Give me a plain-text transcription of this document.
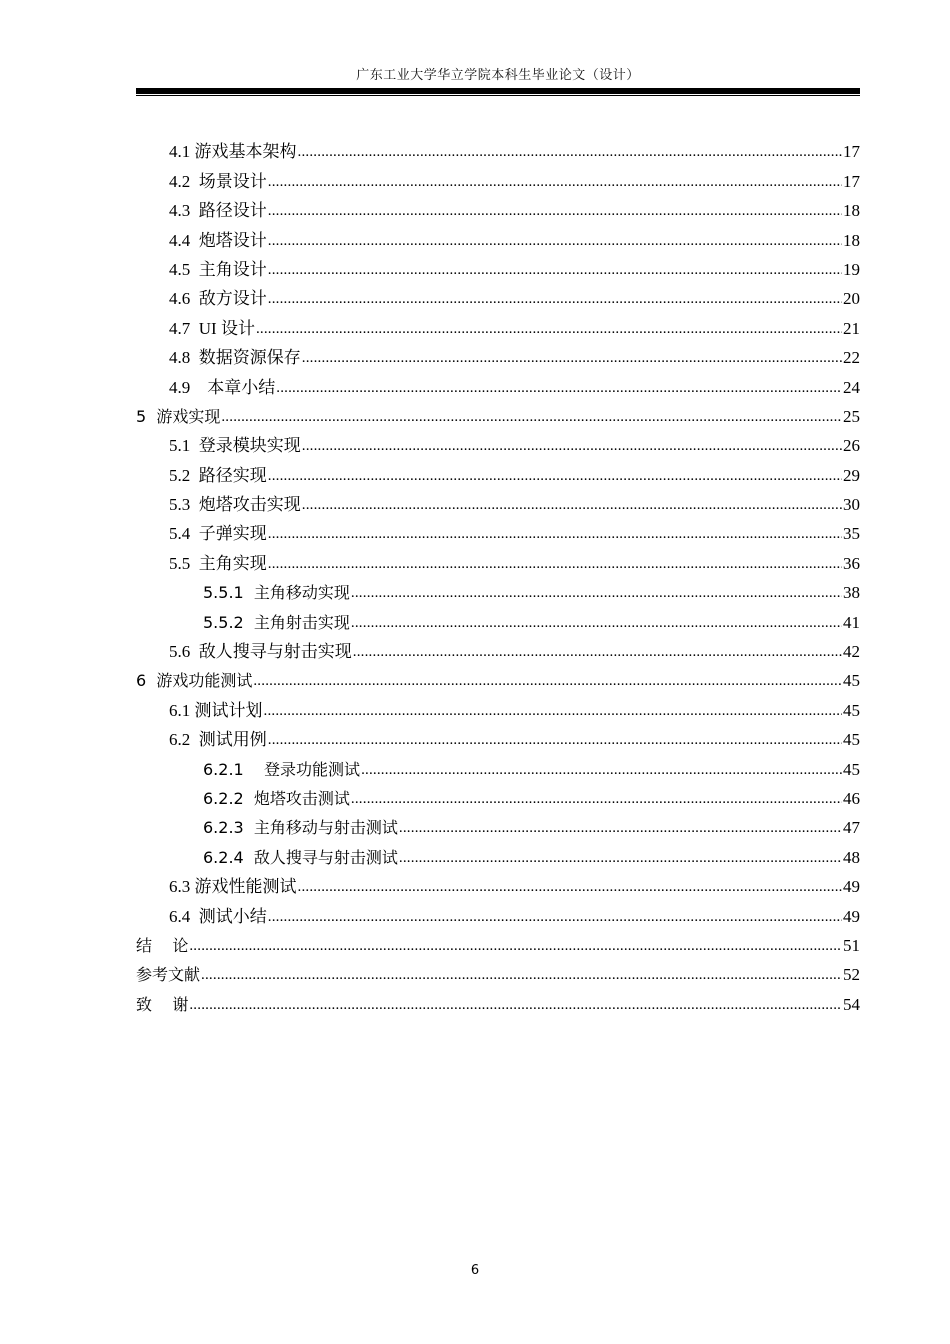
广东工业大学华立学院本科生毕业论文（设计）
4.1 游戏基本架构 .....	17
4.2  场景设计 .....	17
4.3  路径设计 .....	18
4.4  炮塔设计 .....	18
4.5  主角设计 .....	19
4.6  敌方设计 .....	20
4.7  UI 设计 .....	21
4.8  数据资源保存 .....	22
4.9    本章小结 .....	24
5  游戏实现 .....	25
5.1  登录模块实现 .....	26
5.2  路径实现 .....	29
5.3  炮塔攻击实现 .....	30
5.4  子弹实现 .....	35
5.5  主角实现 .....	36
5.5.1  主角移动实现 .....	38
5.5.2  主角射击实现 .....	41
5.6  敌人搜寻与射击实现 .....	42
6  游戏功能测试 .....	45
6.1 测试计划 .....	45
6.2  测试用例 .....	45
6.2.1    登录功能测试 .....	45
6.2.2  炮塔攻击测试 .....	46
6.2.3  主角移动与射击测试 .....	47
6.2.4  敌人搜寻与射击测试 .....	48
6.3 游戏性能测试 .....	49
6.4  测试小结 .....	49
结    论 .....	51
参考文献 .....	52
致    谢 .....	54
6
